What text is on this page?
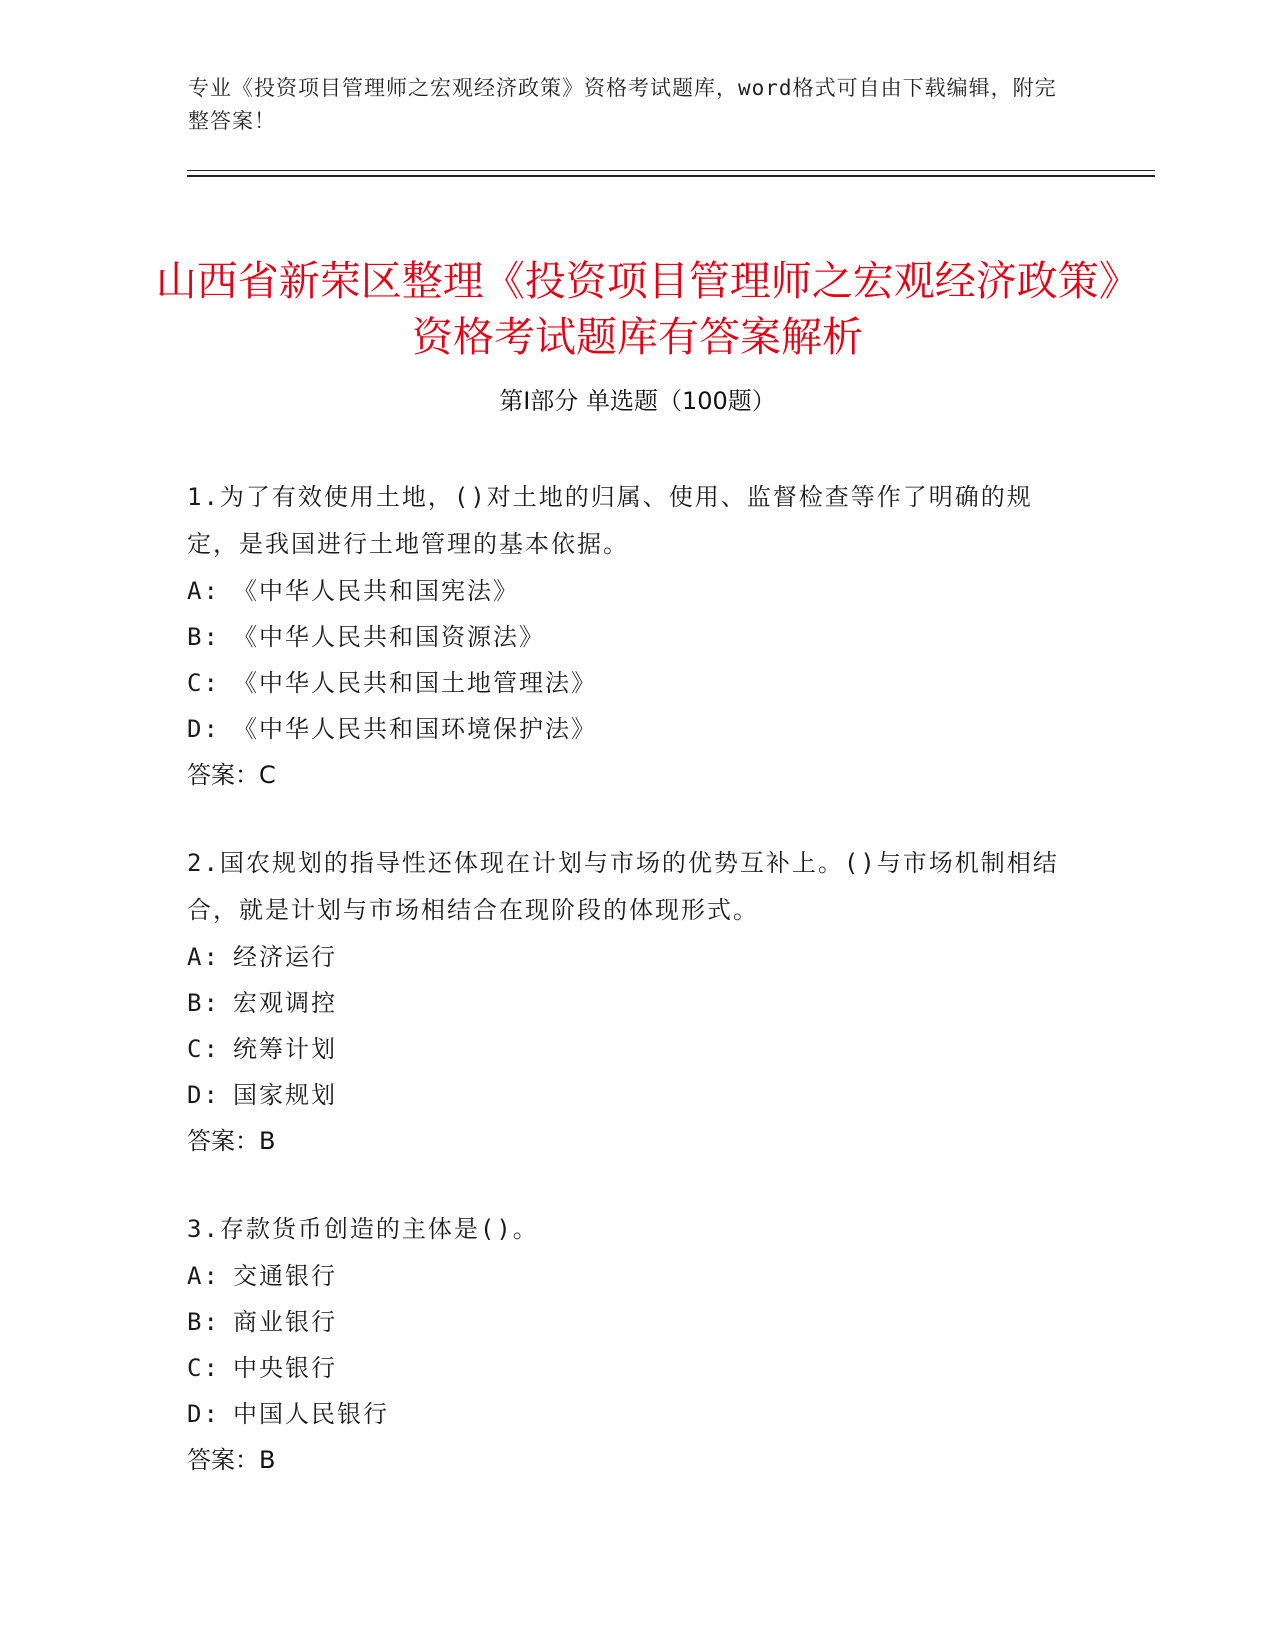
专业《投资项目管理师之宏观经济政策》资格考试题库，word格式可自由下载编辑，附完整答案！
山西省新荣区整理《投资项目管理师之宏观经济政策》资格考试题库有答案解析
第Ⅰ部分 单选题（100题）

1.为了有效使用土地，()对土地的归属、使用、监督检查等作了明确的规定，是我国进行土地管理的基本依据。

A: 《中华人民共和国宪法》
B: 《中华人民共和国资源法》
C: 《中华人民共和国土地管理法》
D: 《中华人民共和国环境保护法》
答案：C

2.国农规划的指导性还体现在计划与市场的优势互补上。()与市场机制相结合，就是计划与市场相结合在现阶段的体现形式。

A: 经济运行
B: 宏观调控
C: 统筹计划
D: 国家规划
答案：B

3.存款货币创造的主体是()。

A: 交通银行
B: 商业银行
C: 中央银行
D: 中国人民银行
答案：B
